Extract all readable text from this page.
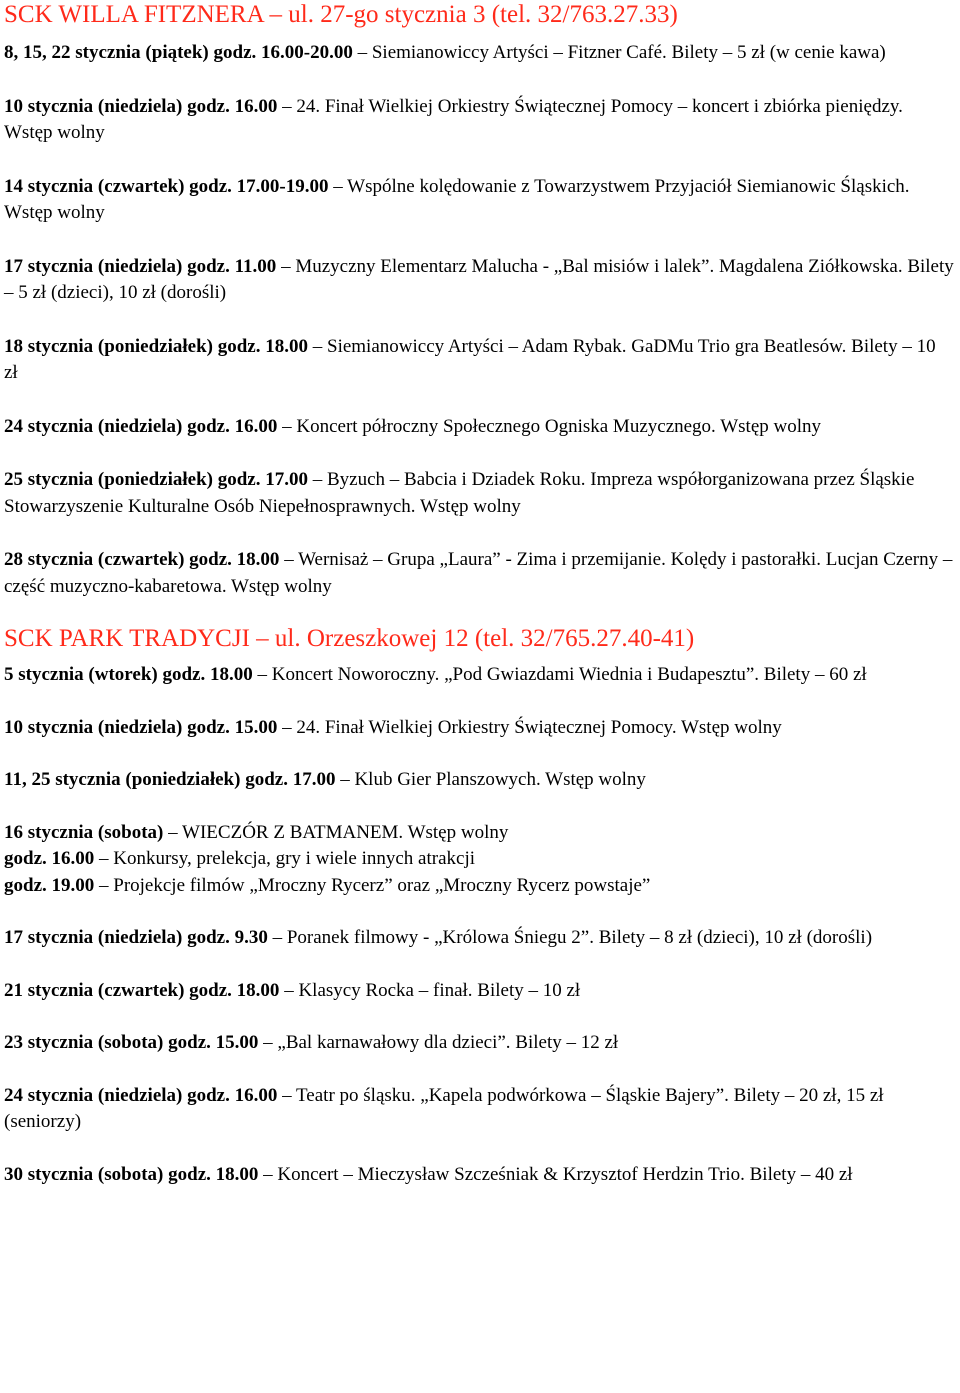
SCK WILLA FITZNERA – ul. 27-go stycznia 3 (tel. 32/763.27.33)

8, 15, 22 stycznia (piątek) godz. 16.00-20.00 – Siemianowiccy Artyści – Fitzner Café. Bilety – 5 zł (w cenie kawa)

10 stycznia (niedziela) godz. 16.00 – 24. Finał Wielkiej Orkiestry Świątecznej Pomocy – koncert i zbiórka pieniędzy. Wstęp wolny

14 stycznia (czwartek) godz. 17.00-19.00 – Wspólne kolędowanie z Towarzystwem Przyjaciół Siemianowic Śląskich. Wstęp wolny

17 stycznia (niedziela) godz. 11.00 – Muzyczny Elementarz Malucha - „Bal misiów i lalek”. Magdalena Ziółkowska. Bilety – 5 zł (dzieci), 10 zł (dorośli)

18 stycznia (poniedziałek) godz. 18.00 – Siemianowiccy Artyści – Adam Rybak. GaDMu Trio gra Beatlesów. Bilety – 10 zł

24 stycznia (niedziela) godz. 16.00 – Koncert półroczny Społecznego Ogniska Muzycznego. Wstęp wolny

25 stycznia (poniedziałek) godz. 17.00 – Byzuch – Babcia i Dziadek Roku. Impreza współorganizowana przez Śląskie Stowarzyszenie Kulturalne Osób Niepełnosprawnych. Wstęp wolny

28 stycznia (czwartek) godz. 18.00 – Wernisaż – Grupa „Laura” - Zima i przemijanie. Kolędy i pastorałki. Lucjan Czerny – część muzyczno-kabaretowa. Wstęp wolny

SCK PARK TRADYCJI – ul. Orzeszkowej 12 (tel. 32/765.27.40-41)

5 stycznia (wtorek) godz. 18.00 – Koncert Noworoczny. „Pod Gwiazdami Wiednia i Budapesztu”. Bilety – 60 zł

10 stycznia (niedziela) godz. 15.00 – 24. Finał Wielkiej Orkiestry Świątecznej Pomocy. Wstęp wolny

11, 25 stycznia (poniedziałek) godz. 17.00 – Klub Gier Planszowych. Wstęp wolny

16 stycznia (sobota) – WIECZÓR Z BATMANEM. Wstęp wolny

godz. 16.00 – Konkursy, prelekcja, gry i wiele innych atrakcji

godz. 19.00 – Projekcje filmów „Mroczny Rycerz” oraz „Mroczny Rycerz powstaje”

17 stycznia (niedziela) godz. 9.30 – Poranek filmowy - „Królowa Śniegu 2”. Bilety – 8 zł (dzieci), 10 zł (dorośli)

21 stycznia (czwartek) godz. 18.00 – Klasycy Rocka – finał. Bilety – 10 zł

23 stycznia (sobota) godz. 15.00 – „Bal karnawałowy dla dzieci”. Bilety – 12 zł

24 stycznia (niedziela) godz. 16.00 – Teatr po śląsku. „Kapela podwórkowa – Śląskie Bajery”. Bilety – 20 zł, 15 zł (seniorzy)

30 stycznia (sobota) godz. 18.00 – Koncert – Mieczysław Szcześniak & Krzysztof Herdzin Trio. Bilety – 40 zł
